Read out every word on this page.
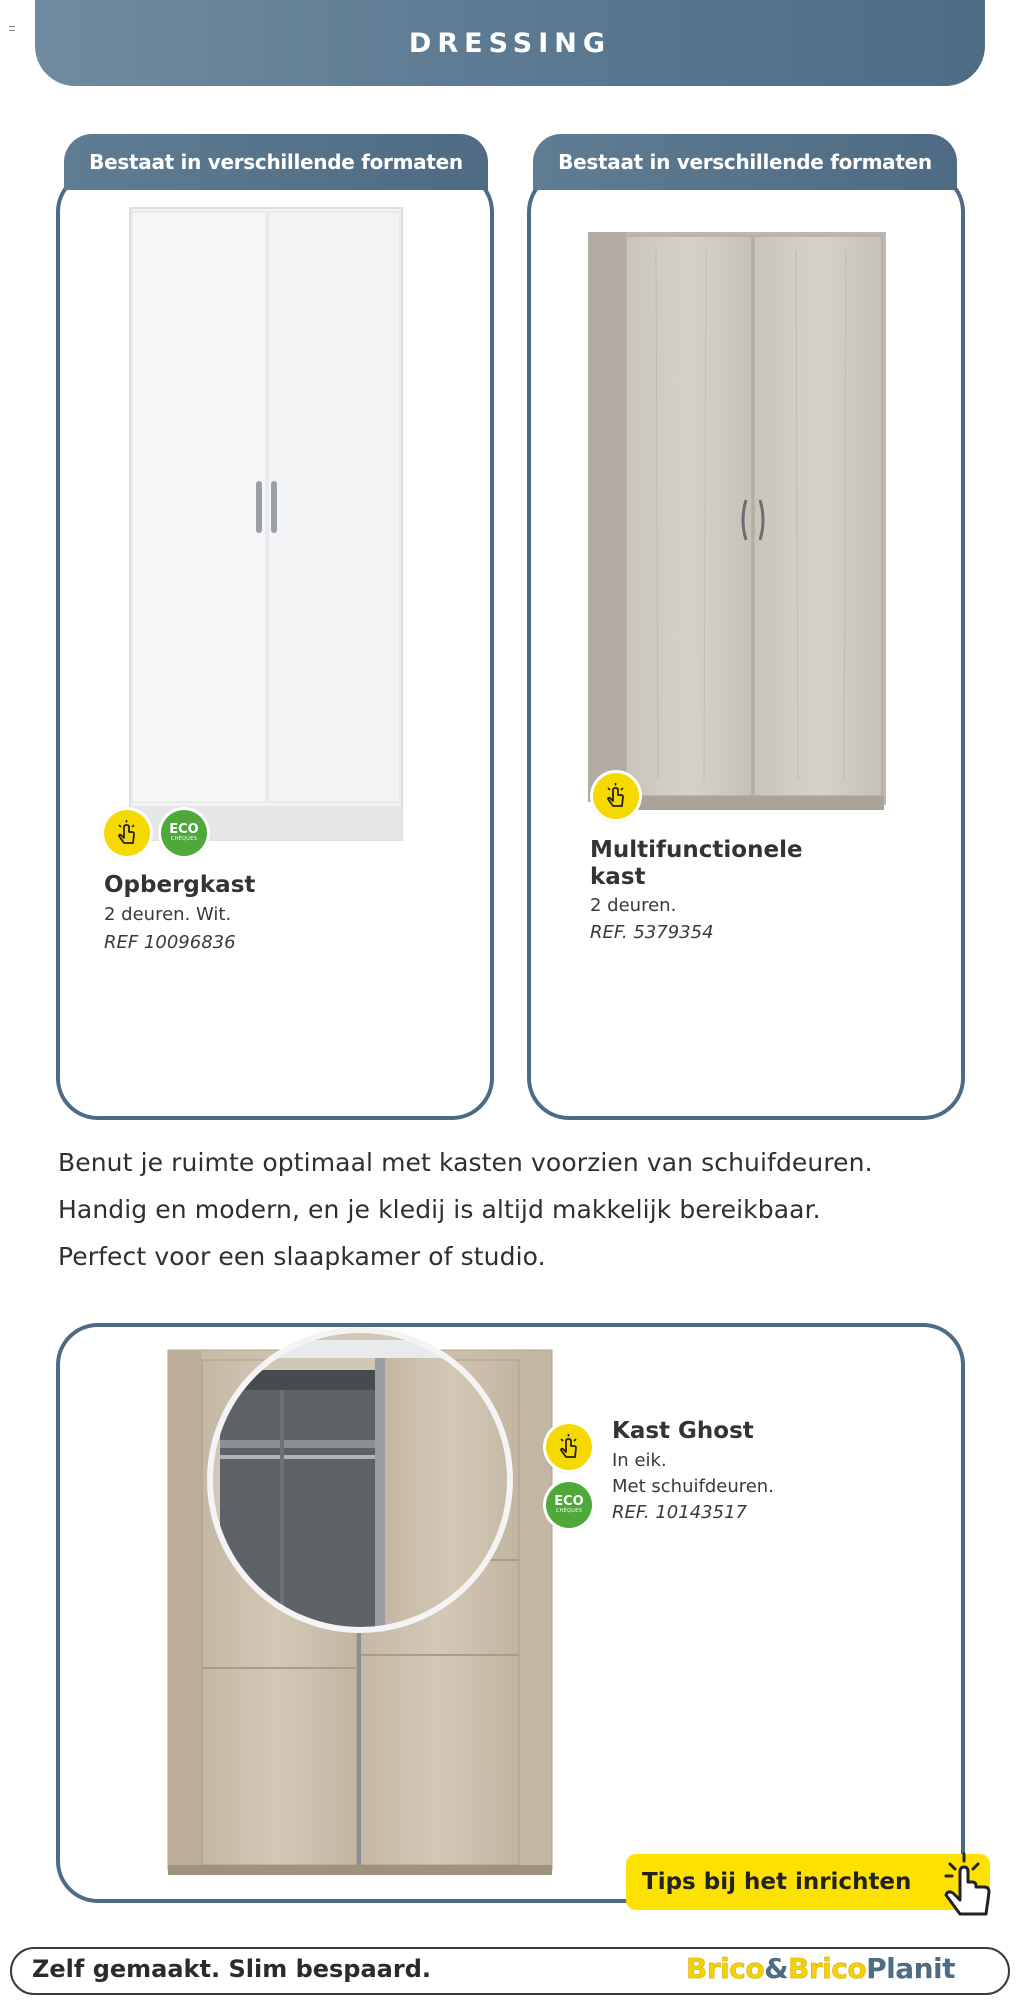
DRESSING
Bestaat in verschillende formaten
ECO
CHÈQUES
Opbergkast
2 deuren. Wit.
REF 10096836
Bestaat in verschillende formaten
Multifunctionele
kast
2 deuren.
REF. 5379354
Benut je ruimte optimaal met kasten voorzien van schuifdeuren.
Handig en modern, en je kledij is altijd makkelijk bereikbaar.
Perfect voor een slaapkamer of studio.
ECO
CHÈQUES
Kast Ghost
In eik.
Met schuifdeuren.
REF. 10143517
Tips bij het inrichten
Zelf gemaakt. Slim bespaard.	Brico&BricoPlanit
